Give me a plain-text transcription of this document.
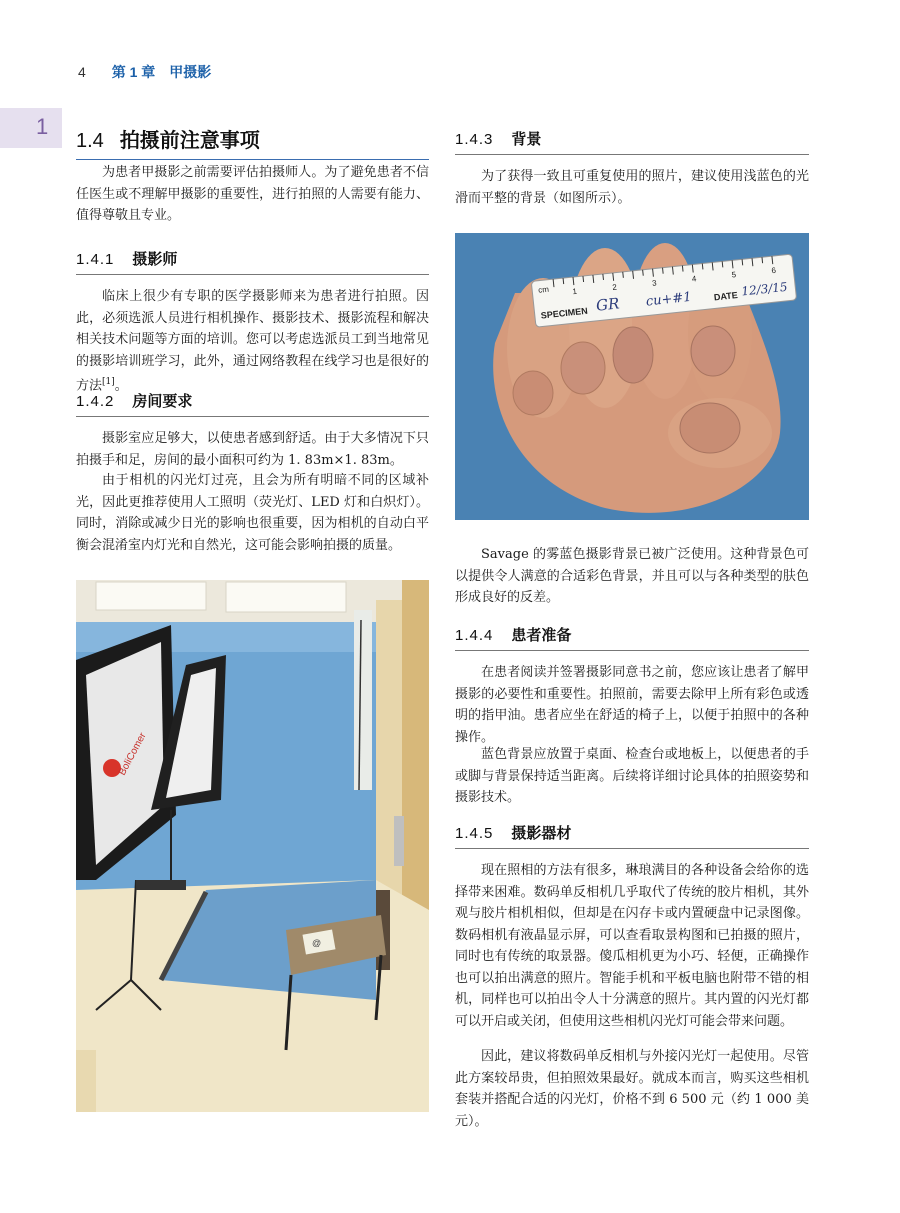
4 第 1 章　甲摄影
1
1.4 拍摄前注意事项

为患者甲摄影之前需要评估拍摄师人。为了避免患者不信任医生或不理解甲摄影的重要性，进行拍照的人需要有能力、值得尊敬且专业。

1.4.1 摄影师

临床上很少有专职的医学摄影师来为患者进行拍照。因此，必须选派人员进行相机操作、摄影技术、摄影流程和解决相关技术问题等方面的培训。您可以考虑选派员工到当地常见的摄影培训班学习，此外，通过网络教程在线学习也是很好的方法[1]。

1.4.2 房间要求

摄影室应足够大，以使患者感到舒适。由于大多情况下只拍摄手和足，房间的最小面积可约为 1. 83m×1. 83m。

由于相机的闪光灯过亮，且会为所有明暗不同的区域补光，因此更推荐使用人工照明（荧光灯、LED 灯和白炽灯）。同时，消除或减少日光的影响也很重要，因为相机的自动白平衡会混淆室内灯光和自然光，这可能会影响拍摄的质量。

BoliComer
@
1.4.3 背景

为了获得一致且可重复使用的照片，建议使用浅蓝色的光滑而平整的背景（如图所示）。

cm	1	2	3	4	5	6
SPECIMEN GR cu+#1 DATE 12/3/15

Savage 的雾蓝色摄影背景已被广泛使用。这种背景色可以提供令人满意的合适彩色背景，并且可以与各种类型的肤色形成良好的反差。

1.4.4 患者准备

在患者阅读并签署摄影同意书之前，您应该让患者了解甲摄影的必要性和重要性。拍照前，需要去除甲上所有彩色或透明的指甲油。患者应坐在舒适的椅子上，以便于拍照中的各种操作。

蓝色背景应放置于桌面、检查台或地板上，以便患者的手或脚与背景保持适当距离。后续将详细讨论具体的拍照姿势和摄影技术。

1.4.5 摄影器材

现在照相的方法有很多，琳琅满目的各种设备会给你的选择带来困难。数码单反相机几乎取代了传统的胶片相机，其外观与胶片相机相似，但却是在闪存卡或内置硬盘中记录图像。数码相机有液晶显示屏，可以查看取景构图和已拍摄的照片，同时也有传统的取景器。傻瓜相机更为小巧、轻便，正确操作也可以拍出满意的照片。智能手机和平板电脑也附带不错的相机，同样也可以拍出令人十分满意的照片。其内置的闪光灯都可以开启或关闭，但使用这些相机闪光灯可能会带来问题。

因此，建议将数码单反相机与外接闪光灯一起使用。尽管此方案较昂贵，但拍照效果最好。就成本而言，购买这些相机套装并搭配合适的闪光灯，价格不到 6 500 元（约 1 000 美元）。
